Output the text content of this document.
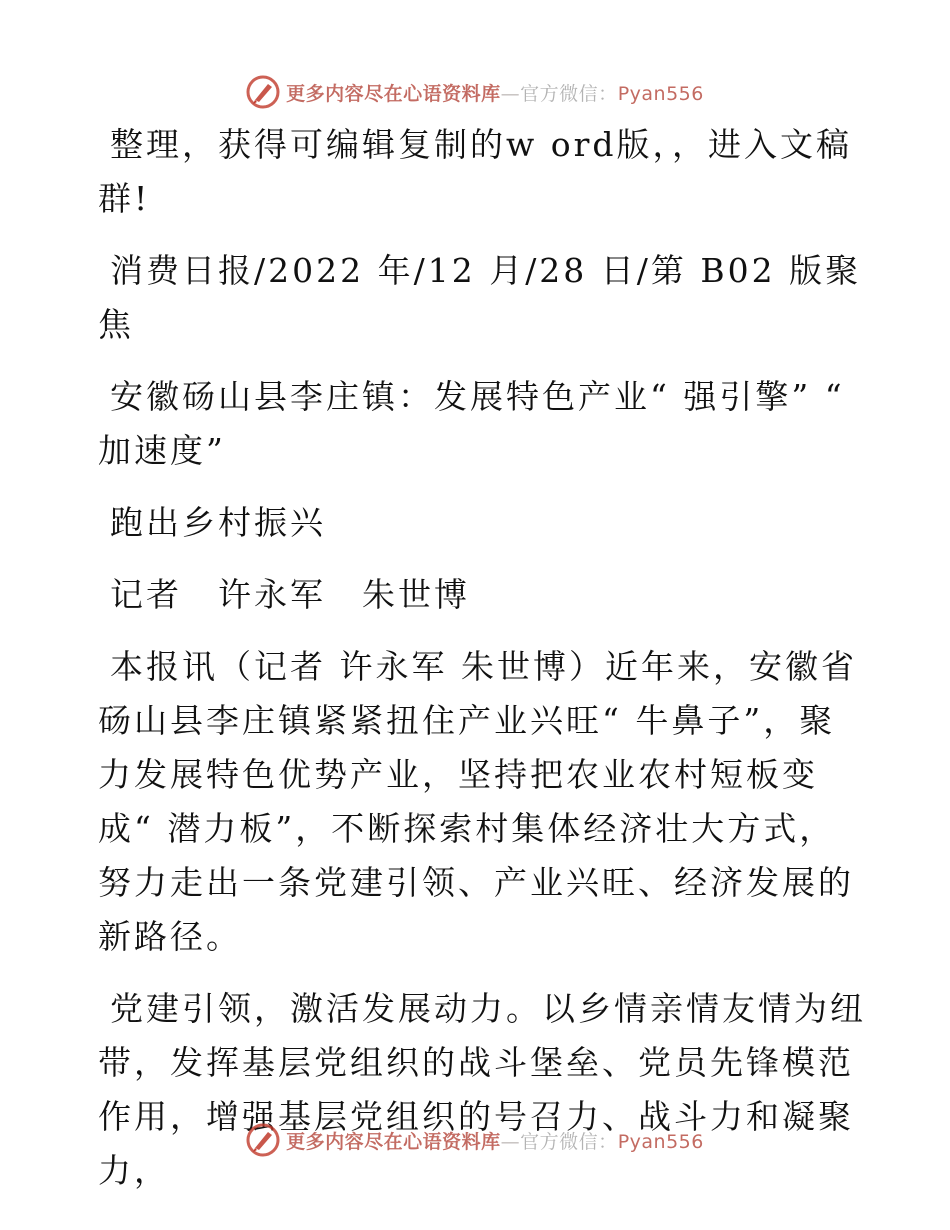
更多内容尽在心语资料库—官方微信：Pyan556

整理，获得可编辑复制的w ord版，，进入文稿群!

消费日报/2022 年/12 月/28 日/第 B02 版聚焦

安徽砀山县李庄镇：发展特色产业“ 强引擎” “ 加速度”

跑出乡村振兴

记者　许永军　朱世博

本报讯（记者 许永军 朱世博）近年来，安徽省砀山县李庄镇紧紧扭住产业兴旺“ 牛鼻子”，聚力发展特色优势产业，坚持把农业农村短板变成“ 潜力板”，不断探索村集体经济壮大方式，努力走出一条党建引领、产业兴旺、经济发展的新路径。

党建引领，激活发展动力。以乡情亲情友情为纽带，发挥基层党组织的战斗堡垒、党员先锋模范作用，增强基层党组织的号召力、战斗力和凝聚力，

更多内容尽在心语资料库—官方微信：Pyan556
